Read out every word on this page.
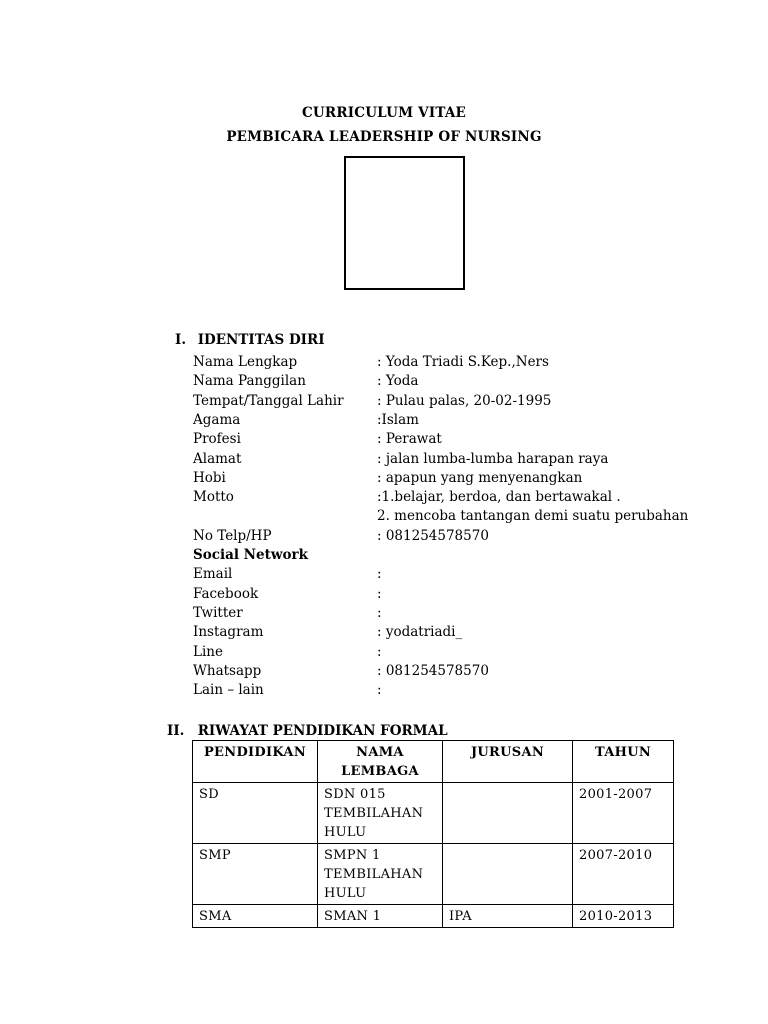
CURRICULUM VITAE
PEMBICARA LEADERSHIP OF NURSING
I. IDENTITAS DIRI
Nama Lengkap	: Yoda Triadi S.Kep.,Ners
Nama Panggilan	: Yoda
Tempat/Tanggal Lahir : Pulau palas, 20-02-1995
Agama	:Islam
Profesi	: Perawat
Alamat	: jalan lumba-lumba harapan raya
Hobi	: apapun yang menyenangkan
Motto	:1.belajar, berdoa, dan bertawakal .
2. mencoba tantangan demi suatu perubahan
No Telp/HP	: 081254578570
Social Network
Email	:
Facebook	:
Twitter	:
Instagram	: yodatriadi_
Line	:
Whatsapp	: 081254578570
Lain – lain	:
II. RIWAYAT PENDIDIKAN FORMAL
PENDIDIKAN	NAMA LEMBAGA	JURUSAN	TAHUN
SD	SDN 015 TEMBILAHAN HULU		2001-2007
SMP	SMPN 1 TEMBILAHAN HULU		2007-2010
SMA	SMAN 1	IPA	2010-2013
